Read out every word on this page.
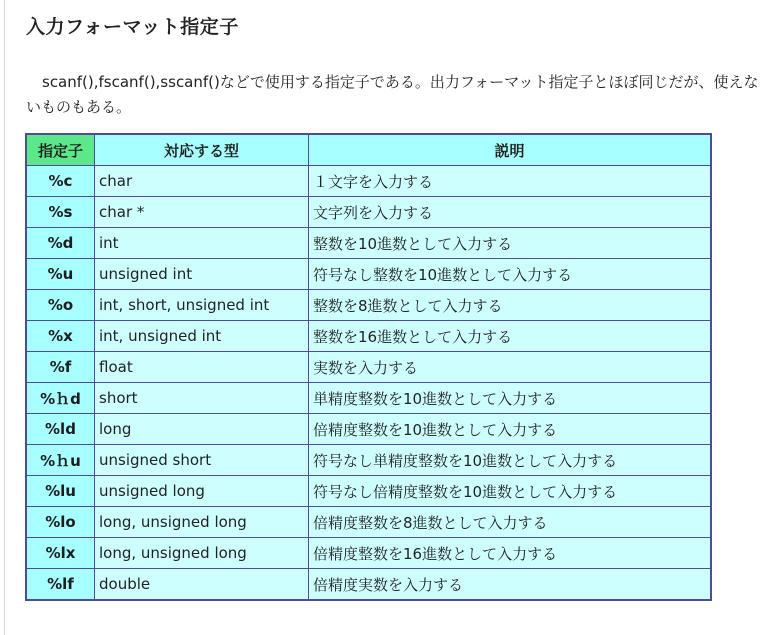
入力フォーマット指定子

scanf(),fscanf(),sscanf()などで使用する指定子である。出力フォーマット指定子とほぼ同じだが、使えないものもある。

指定子	対応する型	説明
%c	char	１文字を入力する
%s	char *	文字列を入力する
%d	int	整数を10進数として入力する
%u	unsigned int	符号なし整数を10進数として入力する
%o	int, short, unsigned int	整数を8進数として入力する
%x	int, unsigned int	整数を16進数として入力する
%f	float	実数を入力する
%ｈd	short	単精度整数を10進数として入力する
%ld	long	倍精度整数を10進数として入力する
%ｈu	unsigned short	符号なし単精度整数を10進数として入力する
%lu	unsigned long	符号なし倍精度整数を10進数として入力する
%lo	long, unsigned long	倍精度整数を8進数として入力する
%lx	long, unsigned long	倍精度整数を16進数として入力する
%lf	double	倍精度実数を入力する
